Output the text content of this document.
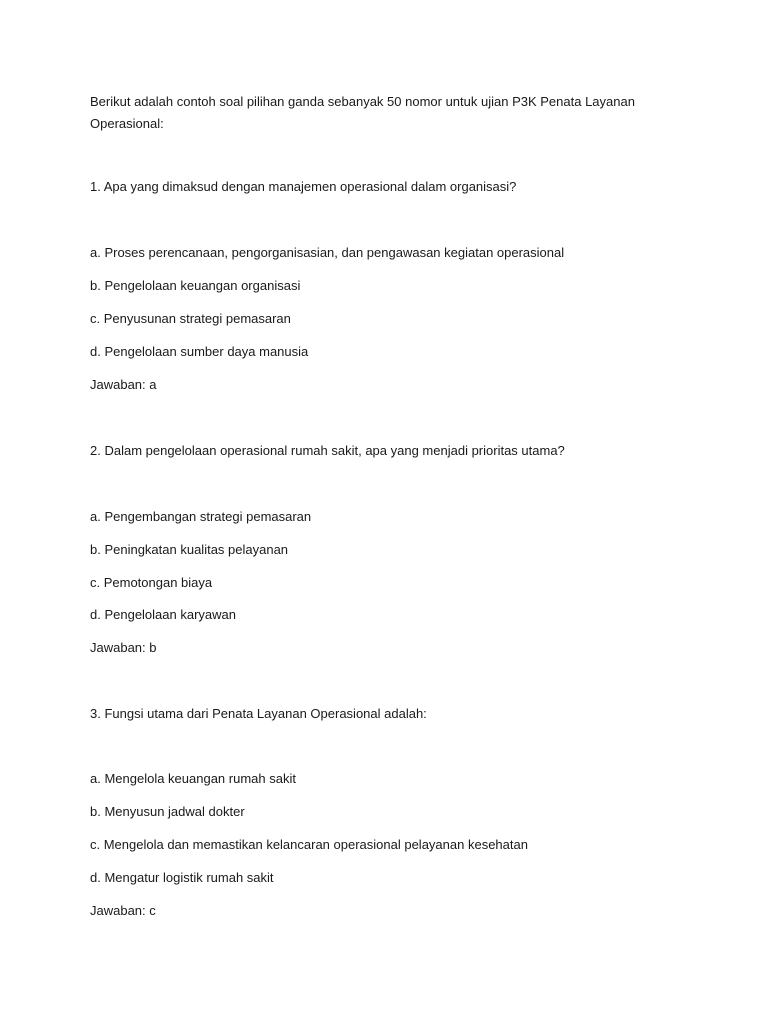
Berikut adalah contoh soal pilihan ganda sebanyak 50 nomor untuk ujian P3K Penata Layanan Operasional:

1. Apa yang dimaksud dengan manajemen operasional dalam organisasi?

a. Proses perencanaan, pengorganisasian, dan pengawasan kegiatan operasional

b. Pengelolaan keuangan organisasi

c. Penyusunan strategi pemasaran

d. Pengelolaan sumber daya manusia

Jawaban: a

2. Dalam pengelolaan operasional rumah sakit, apa yang menjadi prioritas utama?

a. Pengembangan strategi pemasaran

b. Peningkatan kualitas pelayanan

c. Pemotongan biaya

d. Pengelolaan karyawan

Jawaban: b

3. Fungsi utama dari Penata Layanan Operasional adalah:

a. Mengelola keuangan rumah sakit

b. Menyusun jadwal dokter

c. Mengelola dan memastikan kelancaran operasional pelayanan kesehatan

d. Mengatur logistik rumah sakit

Jawaban: c
